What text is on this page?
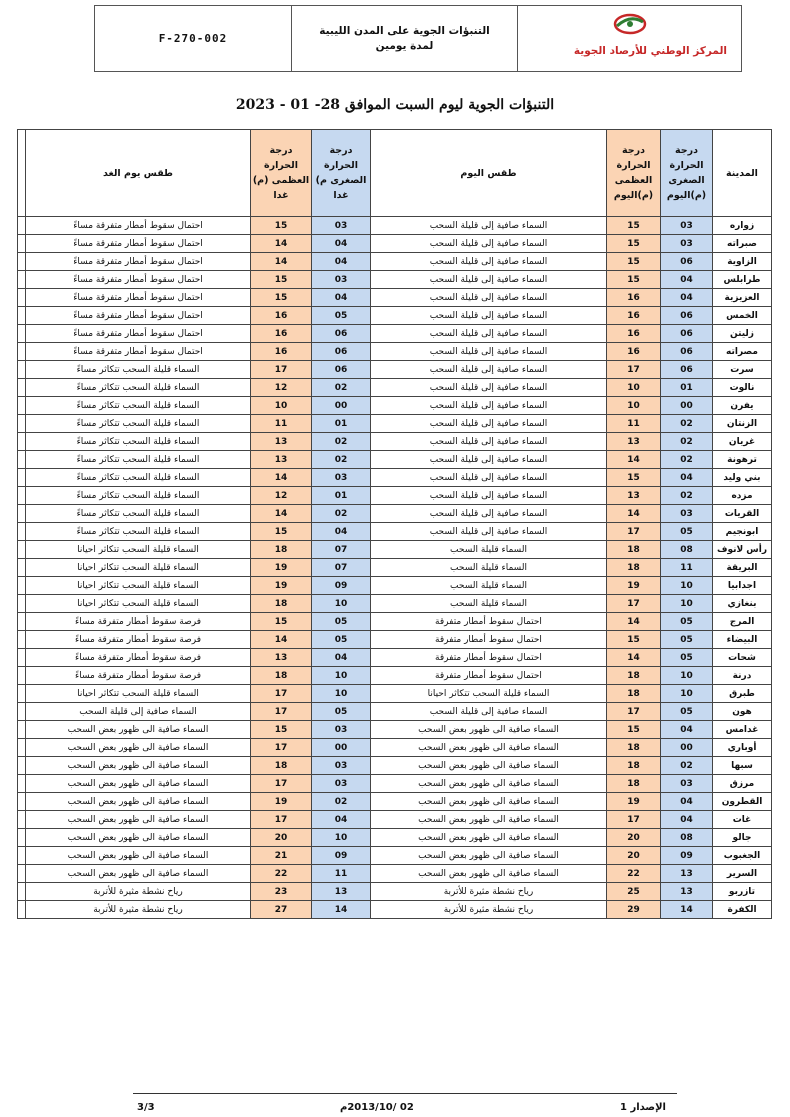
F-270-002
التنبؤات الجوية على المدن الليبية
لمدة يومين	المركز الوطني للأرصاد الجوية
التنبؤات الجوية ليوم السبت الموافق 28- 01 - 2023
المدينة	درجة الحرارة الصغرى (م)اليوم	درجة الحرارة العظمى (م)اليوم	طقس اليوم	درجة الحرارة الصغرى م) غدا	درجة الحرارة العظمى (م) غدا	طقس يوم الغد	
زواره	03	15	السماء صافية إلى قليلة السحب	03	15	احتمال سقوط أمطار متفرقة مساءً	
صبراته	03	15	السماء صافية إلى قليلة السحب	04	14	احتمال سقوط أمطار متفرقة مساءً	
الزاوية	06	15	السماء صافية إلى قليلة السحب	04	14	احتمال سقوط أمطار متفرقة مساءً	
طرابلس	04	15	السماء صافية إلى قليلة السحب	03	15	احتمال سقوط أمطار متفرقة مساءً	
العزيزية	04	16	السماء صافية إلى قليلة السحب	04	15	احتمال سقوط أمطار متفرقة مساءً	
الخمس	06	16	السماء صافية إلى قليلة السحب	05	16	احتمال سقوط أمطار متفرقة مساءً	
زليتن	06	16	السماء صافية إلى قليلة السحب	06	16	احتمال سقوط أمطار متفرقة مساءً	
مصراته	06	16	السماء صافية إلى قليلة السحب	06	16	احتمال سقوط أمطار متفرقة مساءً	
سرت	06	17	السماء صافية إلى قليلة السحب	06	17	السماء قليلة السحب تتكاثر مساءً	
نالوت	01	10	السماء صافية إلى قليلة السحب	02	12	السماء قليلة السحب تتكاثر مساءً	
يفرن	00	10	السماء صافية إلى قليلة السحب	00	10	السماء قليلة السحب تتكاثر مساءً	
الزنتان	02	11	السماء صافية إلى قليلة السحب	01	11	السماء قليلة السحب تتكاثر مساءً	
غريان	02	13	السماء صافية إلى قليلة السحب	02	13	السماء قليلة السحب تتكاثر مساءً	
ترهونة	02	14	السماء صافية إلى قليلة السحب	02	13	السماء قليلة السحب تتكاثر مساءً	
بني وليد	04	15	السماء صافية إلى قليلة السحب	03	14	السماء قليلة السحب تتكاثر مساءً	
مزده	02	13	السماء صافية إلى قليلة السحب	01	12	السماء قليلة السحب تتكاثر مساءً	
القريات	03	14	السماء صافية إلى قليلة السحب	02	14	السماء قليلة السحب تتكاثر مساءً	
ابونجيم	05	17	السماء صافية إلى قليلة السحب	04	15	السماء قليلة السحب تتكاثر مساءً	
رأس لانوف	08	18	السماء قليلة السحب	07	18	السماء قليلة السحب تتكاثر احيانا	
البريقة	11	18	السماء قليلة السحب	07	19	السماء قليلة السحب تتكاثر احيانا	
اجدابيا	10	19	السماء قليلة السحب	09	19	السماء قليلة السحب تتكاثر احيانا	
بنغازي	10	17	السماء قليلة السحب	10	18	السماء قليلة السحب تتكاثر احيانا	
المرج	05	14	احتمال سقوط أمطار متفرقة	05	15	فرصة سقوط أمطار متفرقة مساءً	
البيضاء	05	15	احتمال سقوط أمطار متفرقة	05	14	فرصة سقوط أمطار متفرقة مساءً	
شحات	05	14	احتمال سقوط أمطار متفرقة	04	13	فرصة سقوط أمطار متفرقة مساءً	
درنة	10	18	احتمال سقوط أمطار متفرقة	10	18	فرصة سقوط أمطار متفرقة مساءً	
طبرق	10	18	السماء قليلة السحب تتكاثر احيانا	10	17	السماء قليلة السحب تتكاثر احيانا	
هون	05	17	السماء صافية إلى قليلة السحب	05	17	السماء صافية إلى قليلة السحب	
غدامس	04	15	السماء صافية الى ظهور بعض السحب	03	15	السماء صافية الى ظهور بعض السحب	
أوباري	00	18	السماء صافية الى ظهور بعض السحب	00	17	السماء صافية الى ظهور بعض السحب	
سبها	02	18	السماء صافية الى ظهور بعض السحب	03	18	السماء صافية الى ظهور بعض السحب	
مرزق	03	18	السماء صافية الى ظهور بعض السحب	03	17	السماء صافية الى ظهور بعض السحب	
القطرون	04	19	السماء صافية الى ظهور بعض السحب	02	19	السماء صافية الى ظهور بعض السحب	
غات	04	17	السماء صافية الى ظهور بعض السحب	04	17	السماء صافية الى ظهور بعض السحب	
جالو	08	20	السماء صافية الى ظهور بعض السحب	10	20	السماء صافية الى ظهور بعض السحب	
الجغبوب	09	20	السماء صافية الى ظهور بعض السحب	09	21	السماء صافية الى ظهور بعض السحب	
السرير	13	22	السماء صافية الى ظهور بعض السحب	11	22	السماء صافية الى ظهور بعض السحب	
تازربو	13	25	رياح نشطة مثيرة للأتربة	13	23	رياح نشطة مثيرة للأتربة	
الكفرة	14	29	رياح نشطة مثيرة للأتربة	14	27	رياح نشطة مثيرة للأتربة	
الإصدار 1
02 /2013/10م
3/3
